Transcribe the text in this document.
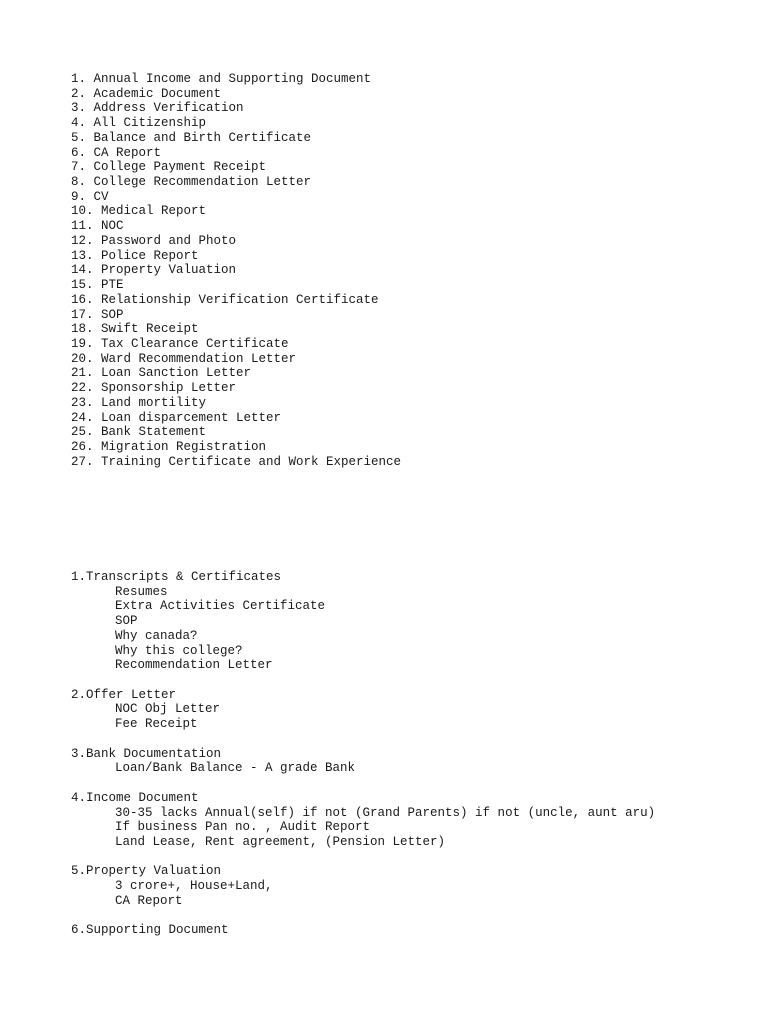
1. Annual Income and Supporting Document
2. Academic Document
3. Address Verification
4. All Citizenship
5. Balance and Birth Certificate
6. CA Report
7. College Payment Receipt
8. College Recommendation Letter
9. CV
10. Medical Report
11. NOC
12. Password and Photo
13. Police Report
14. Property Valuation
15. PTE
16. Relationship Verification Certificate
17. SOP
18. Swift Receipt
19. Tax Clearance Certificate
20. Ward Recommendation Letter
21. Loan Sanction Letter
22. Sponsorship Letter
23. Land mortility
24. Loan disparcement Letter
25. Bank Statement
26. Migration Registration
27. Training Certificate and Work Experience
1.Transcripts & Certificates
Resumes
Extra Activities Certificate
SOP
Why canada?
Why this college?
Recommendation Letter
2.Offer Letter
NOC Obj Letter
Fee Receipt
3.Bank Documentation
Loan/Bank Balance - A grade Bank
4.Income Document
30-35 lacks Annual(self) if not (Grand Parents) if not (uncle, aunt aru)
If business Pan no. , Audit Report
Land Lease, Rent agreement, (Pension Letter)
5.Property Valuation
3 crore+, House+Land,
CA Report
6.Supporting Document
